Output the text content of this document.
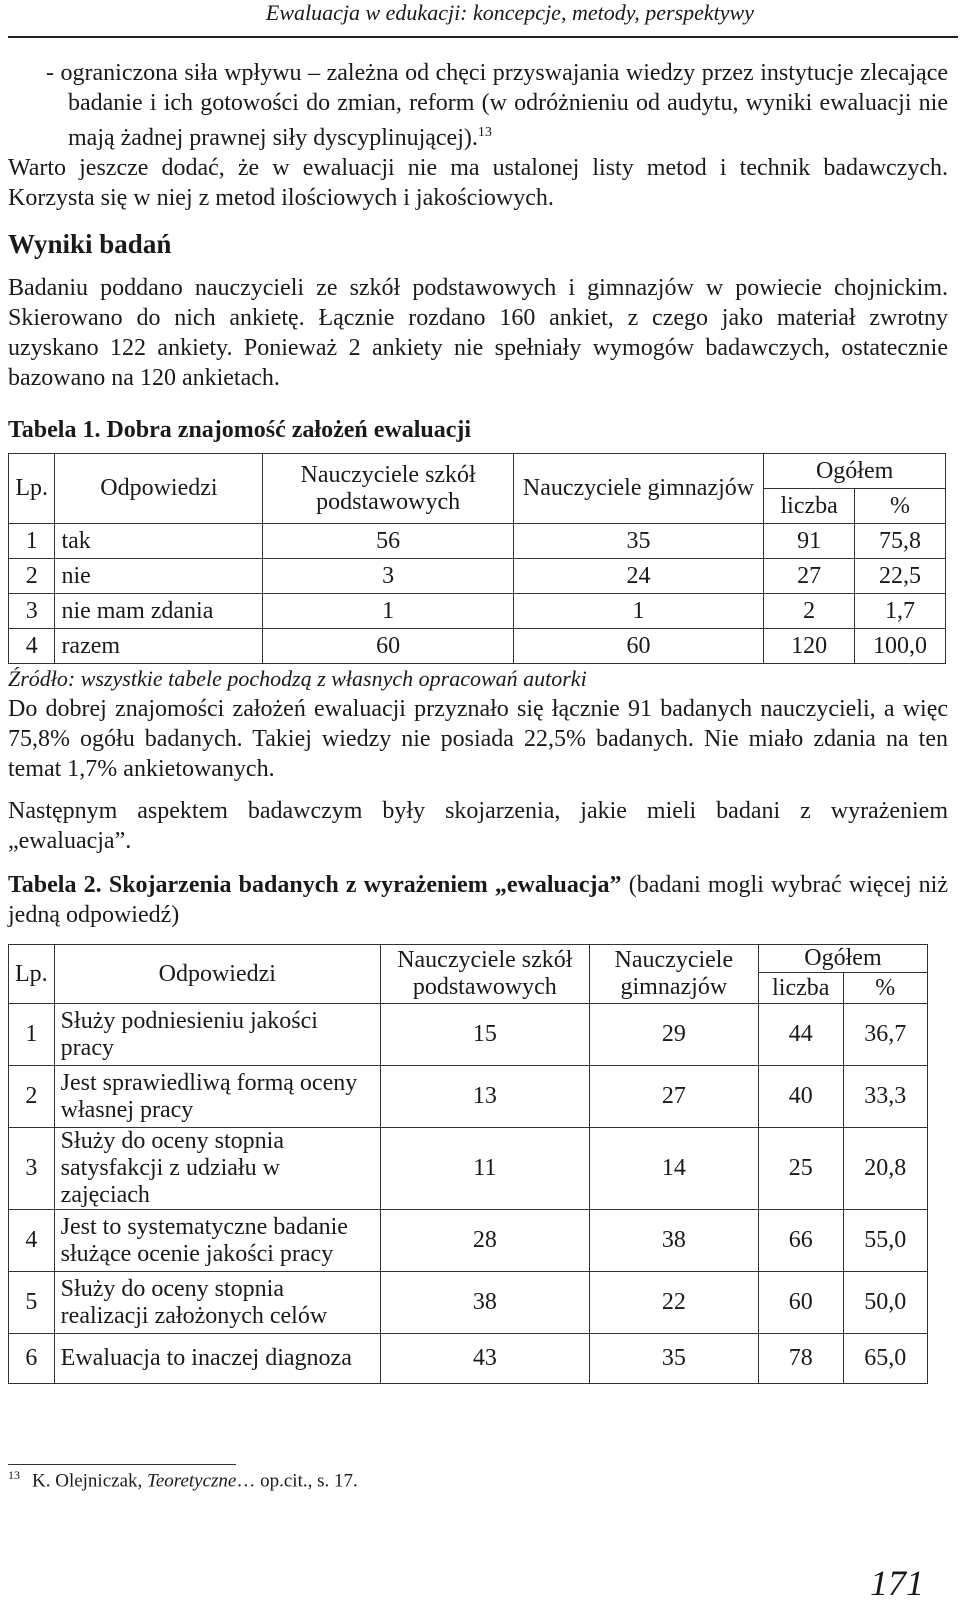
Ewaluacja w edukacji: koncepcje, metody, perspektywy

- ograniczona siła wpływu – zależna od chęci przyswajania wiedzy przez instytucje zlecające badanie i ich gotowości do zmian, reform (w odróżnieniu od audytu, wyniki ewaluacji nie mają żadnej prawnej siły dyscyplinującej).$^{13}$

Warto jeszcze dodać, że w ewaluacji nie ma ustalonej listy metod i technik badawczych. Korzysta się w niej z metod ilościowych i jakościowych.

Wyniki badań

Badaniu poddano nauczycieli ze szkół podstawowych i gimnazjów w powiecie chojnickim. Skierowano do nich ankietę. Łącznie rozdano 160 ankiet, z czego jako materiał zwrotny uzyskano 122 ankiety. Ponieważ 2 ankiety nie spełniały wymogów badawczych, ostatecznie bazowano na 120 ankietach.

Tabela 1. Dobra znajomość założeń ewaluacji

Lp.	Odpowiedzi	Nauczyciele szkół podstawowych	Nauczyciele gimnazjów	Ogółem	
				liczba	%
1	tak	56	35	91	75,8
2	nie	3	24	27	22,5
3	nie mam zdania	1	1	2	1,7
4	razem	60	60	120	100,0
Źródło: wszystkie tabele pochodzą z własnych opracowań autorki

Do dobrej znajomości założeń ewaluacji przyznało się łącznie 91 badanych nauczycieli, a więc 75,8% ogółu badanych. Takiej wiedzy nie posiada 22,5% badanych. Nie miało zdania na ten temat 1,7% ankietowanych.

Następnym aspektem badawczym były skojarzenia, jakie mieli badani z wyrażeniem „ewaluacja”.

Tabela 2. Skojarzenia badanych z wyrażeniem „ewaluacja” (badani mogli wybrać więcej niż jedną odpowiedź)

Lp.	Odpowiedzi	Nauczyciele szkół podstawowych	Nauczyciele gimnazjów	Ogółem	
				liczba	%
1	Służy podniesieniu jakości pracy	15	29	44	36,7
2	Jest sprawiedliwą formą oceny własnej pracy	13	27	40	33,3
3	Służy do oceny stopnia satysfakcji z udziału w zajęciach	11	14	25	20,8
4	Jest to systematyczne badanie służące ocenie jakości pracy	28	38	66	55,0
5	Służy do oceny stopnia realizacji założonych celów	38	22	60	50,0
6	Ewaluacja to inaczej diagnoza	43	35	78	65,0
$^{13}$ K. Olejniczak, Teoretyczne… op.cit., s. 17.
171
